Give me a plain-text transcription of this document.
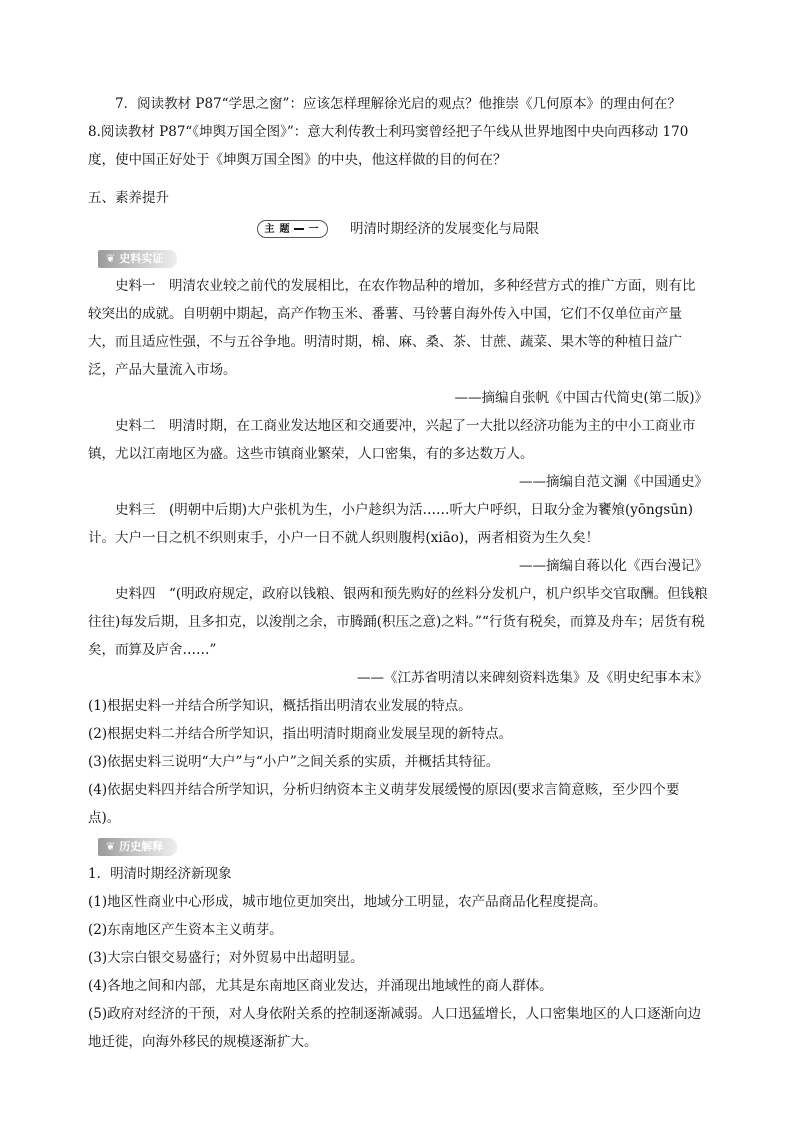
7．阅读教材 P87“学思之窗”：应该怎样理解徐光启的观点？他推崇《几何原本》的理由何在？

8.阅读教材 P87“《坤舆万国全图》”：意大利传教士利玛窦曾经把子午线从世界地图中央向西移动 170 度，使中国正好处于《坤舆万国全图》的中央，他这样做的目的何在？

五、素养提升

主 题 一 明清时期经济的发展变化与局限
❦ 史料实证

史料一　明清农业较之前代的发展相比，在农作物品种的增加，多种经营方式的推广方面，则有比较突出的成就。自明朝中期起，高产作物玉米、番薯、马铃薯自海外传入中国，它们不仅单位亩产量大，而且适应性强，不与五谷争地。明清时期，棉、麻、桑、茶、甘蔗、蔬菜、果木等的种植日益广泛，产品大量流入市场。

——摘编自张帆《中国古代简史(第二版)》

史料二　明清时期，在工商业发达地区和交通要冲，兴起了一大批以经济功能为主的中小工商业市镇，尤以江南地区为盛。这些市镇商业繁荣，人口密集，有的多达数万人。

——摘编自范文澜《中国通史》

史料三　(明朝中后期)大户张机为生，小户趁织为活……听大户呼织，日取分金为饔飧(yōngsūn)计。大户一日之机不织则束手，小户一日不就人织则腹枵(xiāo)，两者相资为生久矣！

——摘编自蒋以化《西台漫记》

史料四　“(明政府规定，政府以钱粮、银两和预先购好的丝料分发机户，机户织毕交官取酬。但钱粮往往)每发后期，且多扣克，以浚削之余，市腾踊(积压之意)之料。”“行货有税矣，而算及舟车；居货有税矣，而算及庐舍……”

——《江苏省明清以来碑刻资料选集》及《明史纪事本末》

(1)根据史料一并结合所学知识，概括指出明清农业发展的特点。

(2)根据史料二并结合所学知识，指出明清时期商业发展呈现的新特点。

(3)依据史料三说明“大户”与“小户”之间关系的实质，并概括其特征。

(4)依据史料四并结合所学知识，分析归纳资本主义萌芽发展缓慢的原因(要求言简意赅，至少四个要点)。

❦ 历史解释

1．明清时期经济新现象

(1)地区性商业中心形成，城市地位更加突出，地域分工明显，农产品商品化程度提高。

(2)东南地区产生资本主义萌芽。

(3)大宗白银交易盛行；对外贸易中出超明显。

(4)各地之间和内部，尤其是东南地区商业发达，并涌现出地域性的商人群体。

(5)政府对经济的干预，对人身依附关系的控制逐渐减弱。人口迅猛增长，人口密集地区的人口逐渐向边地迁徙，向海外移民的规模逐渐扩大。
